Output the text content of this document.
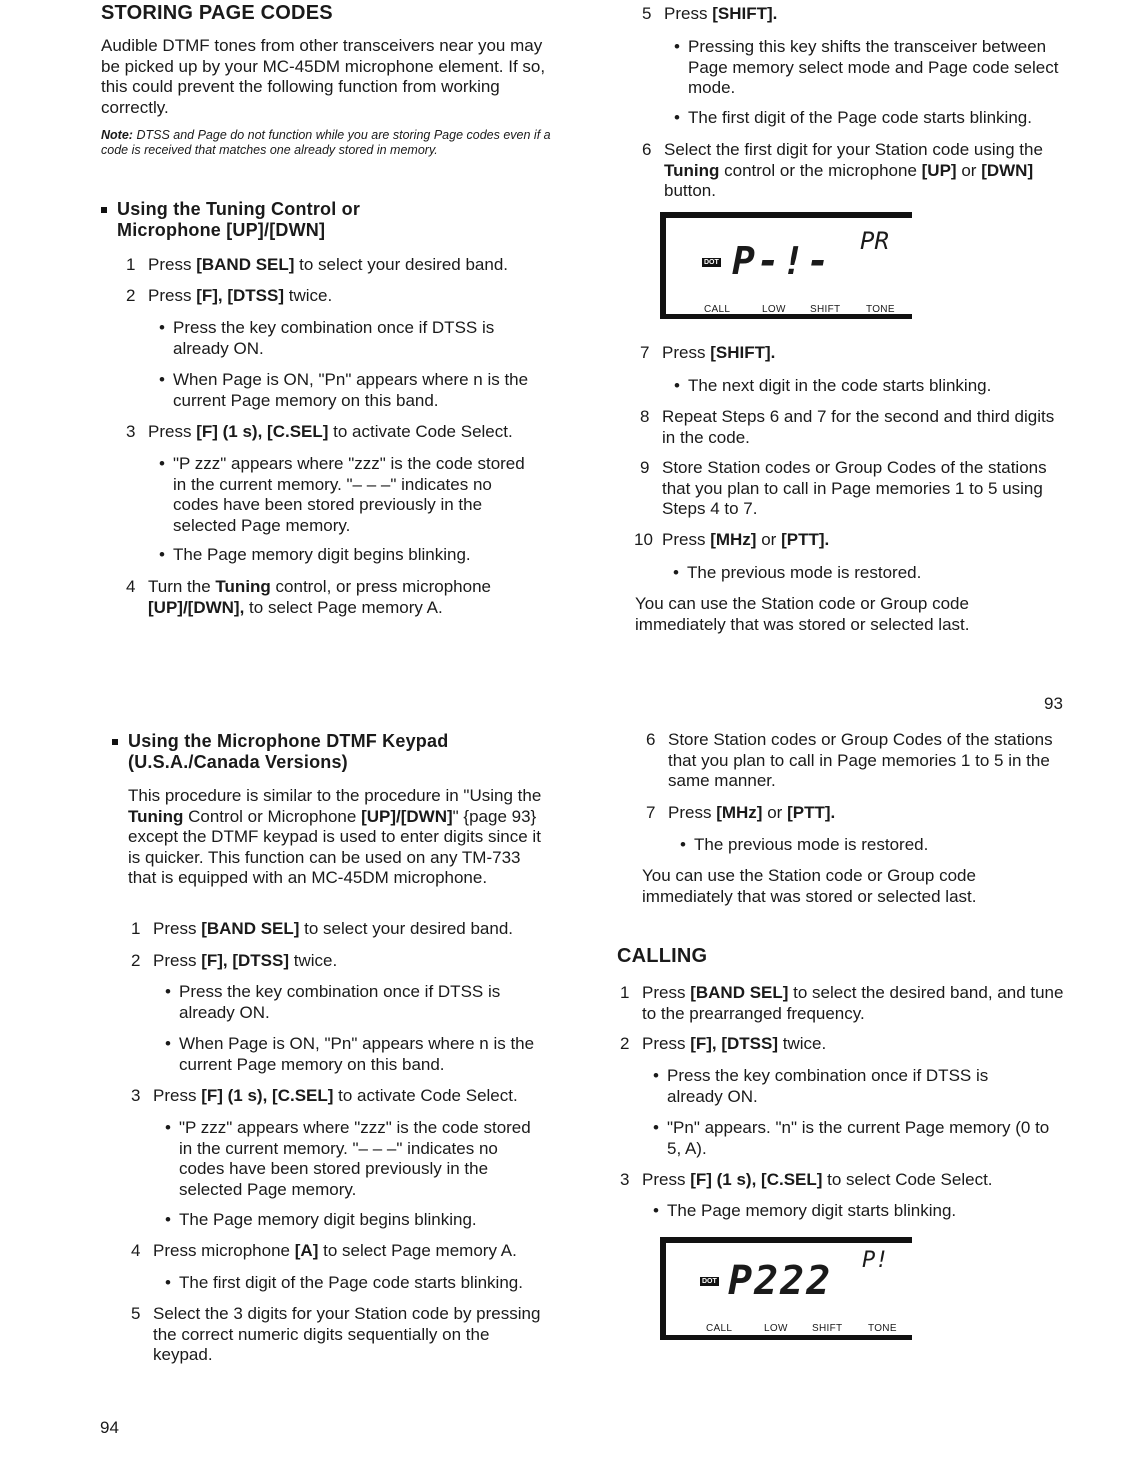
STORING PAGE CODES
Audible DTMF tones from other transceivers near you may be picked up by your MC-45DM microphone element. If so, this could prevent the following function from working correctly.
Note: DTSS and Page do not function while you are storing Page codes even if a code is received that matches one already stored in memory.
Using the Tuning Control or
Microphone [UP]/[DWN]
1 Press [BAND SEL] to select your desired band.
2 Press [F], [DTSS] twice.
• Press the key combination once if DTSS is already ON.
• When Page is ON, "Pn" appears where n is the current Page memory on this band.
3 Press [F] (1 s), [C.SEL] to activate Code Select.
• "P zzz" appears where "zzz" is the code stored in the current memory. "– – –" indicates no codes have been stored previously in the selected Page memory.
• The Page memory digit begins blinking.
4 Turn the Tuning control, or press microphone [UP]/[DWN], to select Page memory A.
5 Press [SHIFT].
• Pressing this key shifts the transceiver between Page memory select mode and Page code select mode.
• The first digit of the Page code starts blinking.
6 Select the first digit for your Station code using the Tuning control or the microphone [UP] or [DWN] button.
DOT P-!- PR
CALL	LOW SHIFT	TONE
7 Press [SHIFT].
• The next digit in the code starts blinking.
8 Repeat Steps 6 and 7 for the second and third digits in the code.
9 Store Station codes or Group Codes of the stations that you plan to call in Page memories 1 to 5 using Steps 4 to 7.
10 Press [MHz] or [PTT].
• The previous mode is restored.
You can use the Station code or Group code immediately that was stored or selected last.
93
Using the Microphone DTMF Keypad
(U.S.A./Canada Versions)
This procedure is similar to the procedure in "Using the Tuning Control or Microphone [UP]/[DWN]" {page 93} except the DTMF keypad is used to enter digits since it is quicker. This function can be used on any TM-733 that is equipped with an MC-45DM microphone.
1 Press [BAND SEL] to select your desired band.
2 Press [F], [DTSS] twice.
• Press the key combination once if DTSS is already ON.
• When Page is ON, "Pn" appears where n is the current Page memory on this band.
3 Press [F] (1 s), [C.SEL] to activate Code Select.
• "P zzz" appears where "zzz" is the code stored in the current memory. "– – –" indicates no codes have been stored previously in the selected Page memory.
• The Page memory digit begins blinking.
4 Press microphone [A] to select Page memory A.
• The first digit of the Page code starts blinking.
5 Select the 3 digits for your Station code by pressing the correct numeric digits sequentially on the keypad.
6 Store Station codes or Group Codes of the stations that you plan to call in Page memories 1 to 5 in the same manner.
7 Press [MHz] or [PTT].
• The previous mode is restored.
You can use the Station code or Group code immediately that was stored or selected last.
CALLING
1 Press [BAND SEL] to select the desired band, and tune to the prearranged frequency.
2 Press [F], [DTSS] twice.
• Press the key combination once if DTSS is already ON.
• "Pn" appears. "n" is the current Page memory (0 to 5, A).
3 Press [F] (1 s), [C.SEL] to select Code Select.
• The Page memory digit starts blinking.
DOT P222 P!
CALL	LOW SHIFT	TONE
94
